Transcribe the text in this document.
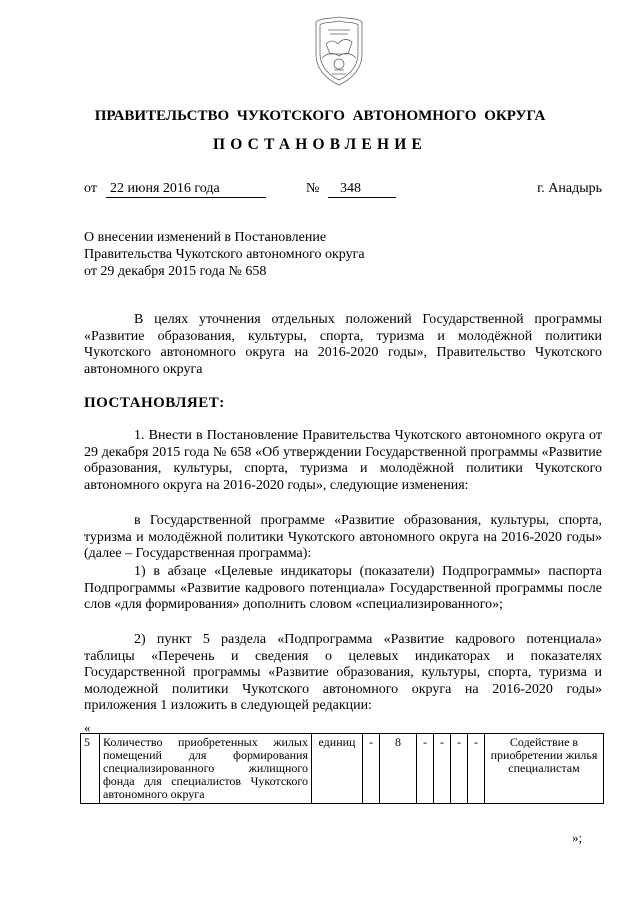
ПРАВИТЕЛЬСТВО ЧУКОТСКОГО АВТОНОМНОГО ОКРУГА
ПОСТАНОВЛЕНИЕ
от 22 июня 2016 года	№	348	г. Анадырь
О внесении изменений в Постановление
Правительства Чукотского автономного округа
от 29 декабря 2015 года № 658
В целях уточнения отдельных положений Государственной программы «Развитие образования, культуры, спорта, туризма и молодёжной политики Чукотского автономного округа на 2016-2020 годы», Правительство Чукотского автономного округа
ПОСТАНОВЛЯЕТ:
1. Внести в Постановление Правительства Чукотского автономного округа от 29 декабря 2015 года № 658 «Об утверждении Государственной программы «Развитие образования, культуры, спорта, туризма и молодёжной политики Чукотского автономного округа на 2016-2020 годы», следующие изменения:
в Государственной программе «Развитие образования, культуры, спорта, туризма и молодёжной политики Чукотского автономного округа на 2016-2020 годы» (далее – Государственная программа):
1) в абзаце «Целевые индикаторы (показатели) Подпрограммы» паспорта Подпрограммы «Развитие кадрового потенциала» Государственной программы после слов «для формирования» дополнить словом «специализированного»;
2) пункт 5 раздела «Подпрограмма «Развитие кадрового потенциала» таблицы «Перечень и сведения о целевых индикаторах и показателях Государственной программы «Развитие образования, культуры, спорта, туризма и молодежной политики Чукотского автономного округа на 2016-2020 годы» приложения 1 изложить в следующей редакции:
«
5	Количество приобретенных жилых помещений для формирования специализированного жилищного фонда для специалистов Чукотского автономного округа	единиц	-	8	-	-	-	-	Содействие в приобретении жилья специалистам
»;
